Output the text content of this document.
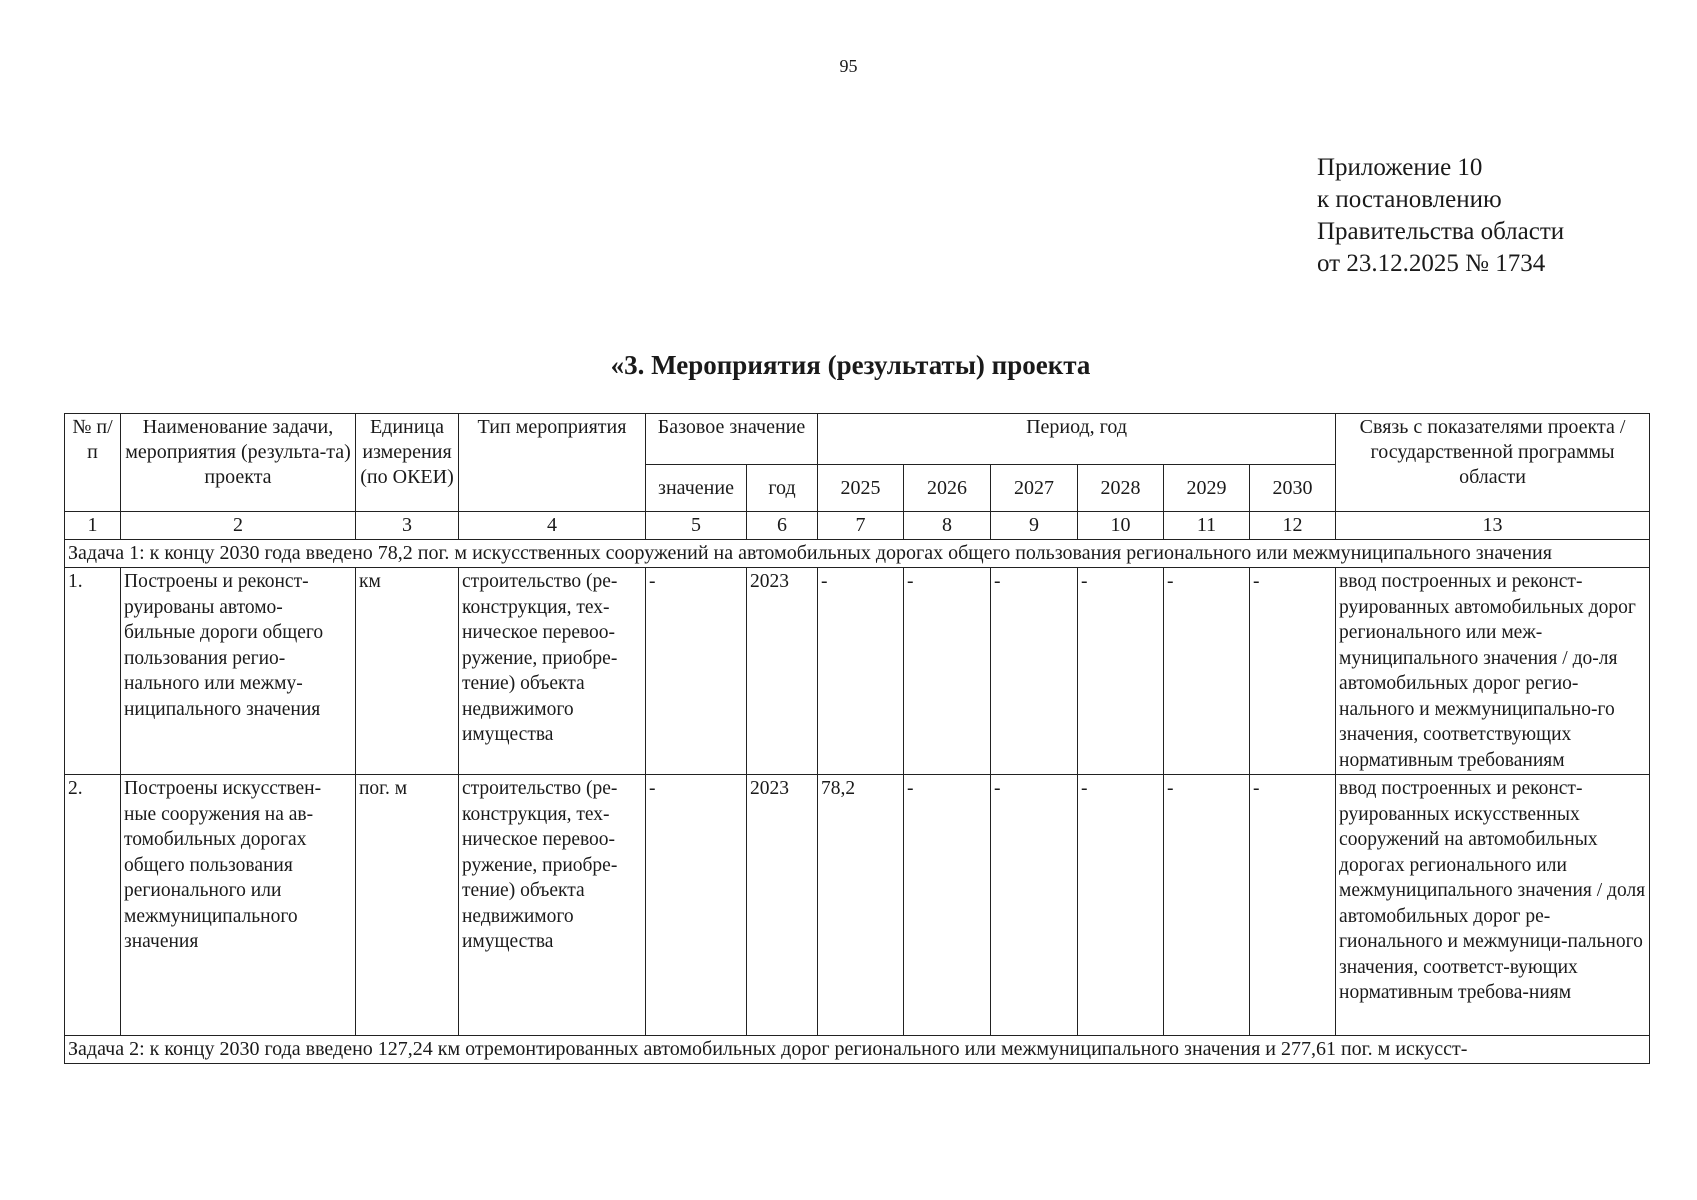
95
Приложение 10
к постановлению
Правительства области
от 23.12.2025 № 1734
«3. Мероприятия (результаты) проекта
№ п/п	Наименование задачи, мероприятия (результа-та) проекта	Единица измерения (по ОКЕИ)	Тип мероприятия	Базовое значение		Период, год						Связь с показателями проекта / государственной программы области
				значение	год	2025	2026	2027	2028	2029	2030	
1	2	3	4	5	6	7	8	9	10	11	12	13
Задача 1: к концу 2030 года введено 78,2 пог. м искусственных сооружений на автомобильных дорогах общего пользования регионального или межмуниципального значения												
1.	Построены и реконст-руированы автомо-бильные дороги общего пользования регио-нального или межму-ниципального значения	км	строительство (ре-конструкция, тех-ническое перевоо-ружение, приобре-тение) объекта недвижимого имущества	-	2023	-	-	-	-	-	-	ввод построенных и реконст-руированных автомобильных дорог регионального или меж-муниципального значения / до-ля автомобильных дорог регио-нального и межмуниципально-го значения, соответствующих нормативным требованиям
2.	Построены искусствен-ные сооружения на ав-томобильных дорогах общего пользования регионального или межмуниципального значения	пог. м	строительство (ре-конструкция, тех-ническое перевоо-ружение, приобре-тение) объекта недвижимого имущества	-	2023	78,2	-	-	-	-	-	ввод построенных и реконст-руированных искусственных сооружений на автомобильных дорогах регионального или межмуниципального значения / доля автомобильных дорог ре-гионального и межмуници-пального значения, соответст-вующих нормативным требова-ниям
Задача 2: к концу 2030 года введено 127,24 км отремонтированных автомобильных дорог регионального или межмуниципального значения и 277,61 пог. м искусст-												
